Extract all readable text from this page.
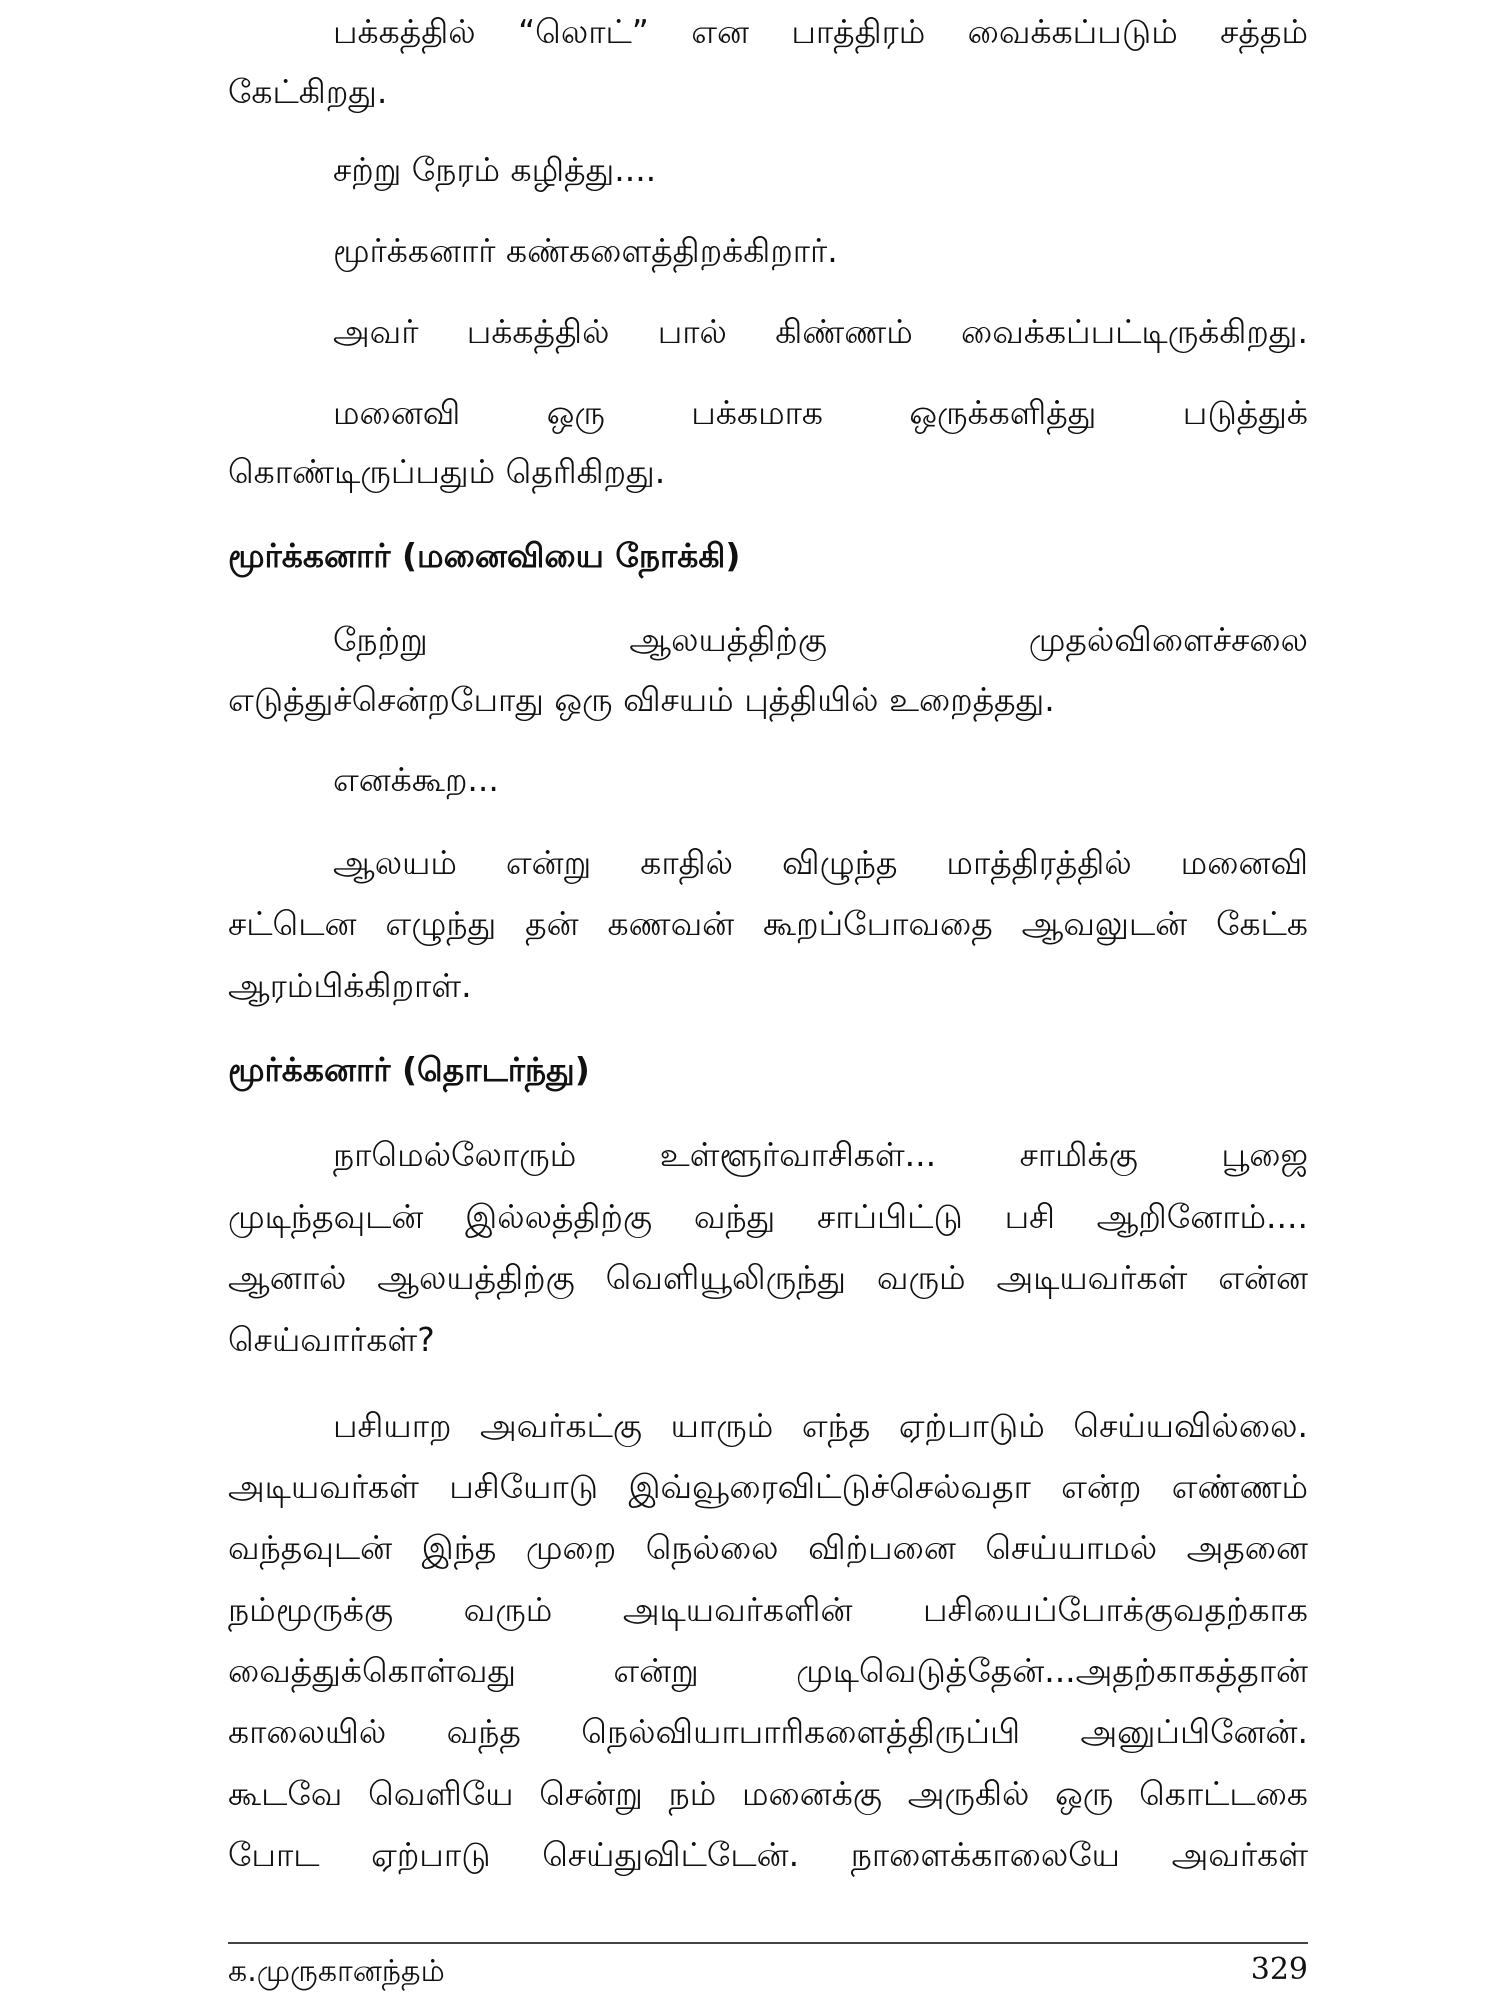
பக்கத்தில் “லொட்” என பாத்திரம் வைக்கப்படும் சத்தம்
கேட்கிறது.
சற்று நேரம் கழித்து....
மூர்க்கனார் கண்களைத்திறக்கிறார்.
அவர் பக்கத்தில் பால் கிண்ணம் வைக்கப்பட்டிருக்கிறது.
மனைவி ஒரு பக்கமாக ஒருக்களித்து படுத்துக்
கொண்டிருப்பதும் தெரிகிறது.
மூர்க்கனார் (மனைவியை நோக்கி)
நேற்று ஆலயத்திற்கு முதல்விளைச்சலை
எடுத்துச்சென்றபோது ஒரு விசயம் புத்தியில் உறைத்தது.
எனக்கூற...
ஆலயம் என்று காதில் விழுந்த மாத்திரத்தில் மனைவி
சட்டென எழுந்து தன் கணவன் கூறப்போவதை ஆவலுடன் கேட்க
ஆரம்பிக்கிறாள்.
மூர்க்கனார் (தொடர்ந்து)
நாமெல்லோரும் உள்ளூர்வாசிகள்... சாமிக்கு பூஜை
முடிந்தவுடன் இல்லத்திற்கு வந்து சாப்பிட்டு பசி ஆறினோம்....
ஆனால் ஆலயத்திற்கு வெளியூலிருந்து வரும் அடியவர்கள் என்ன
செய்வார்கள்?
பசியாற அவர்கட்கு யாரும் எந்த ஏற்பாடும் செய்யவில்லை.
அடியவர்கள் பசியோடு இவ்வூரைவிட்டுச்செல்வதா என்ற எண்ணம்
வந்தவுடன் இந்த முறை நெல்லை விற்பனை செய்யாமல் அதனை
நம்மூருக்கு வரும் அடியவர்களின் பசியைப்போக்குவதற்காக
வைத்துக்கொள்வது என்று முடிவெடுத்தேன்...அதற்காகத்தான்
காலையில் வந்த நெல்வியாபாரிகளைத்திருப்பி அனுப்பினேன்.
கூடவே வெளியே சென்று நம் மனைக்கு அருகில் ஒரு கொட்டகை
போட ஏற்பாடு செய்துவிட்டேன். நாளைக்காலையே அவர்கள்
க.முருகானந்தம்	329
